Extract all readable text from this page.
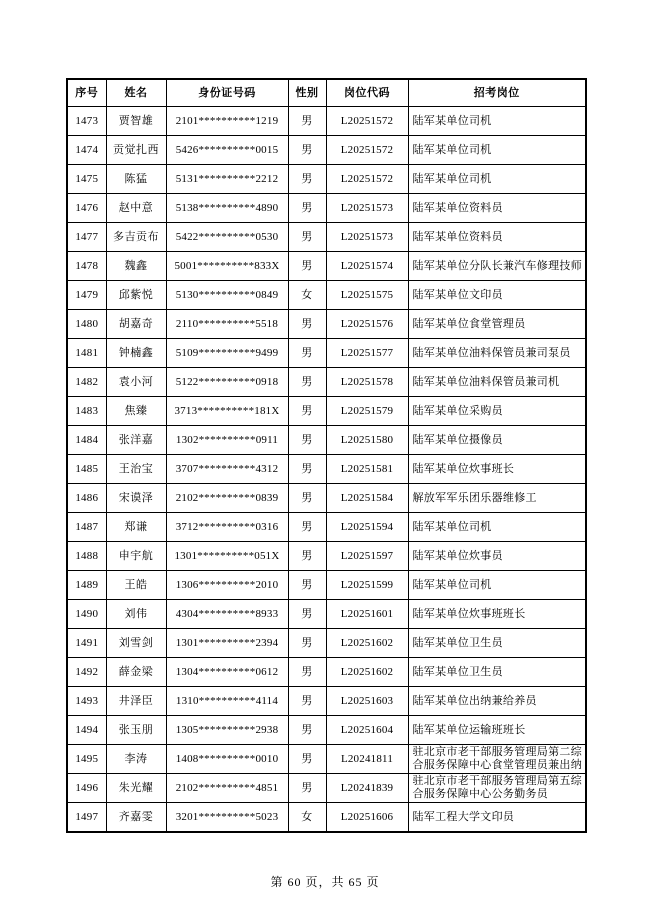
序号	姓名	身份证号码	性别	岗位代码	招考岗位
1473	贾智雄	2101**********1219	男	L20251572	陆军某单位司机
1474	贡觉扎西	5426**********0015	男	L20251572	陆军某单位司机
1475	陈猛	5131**********2212	男	L20251572	陆军某单位司机
1476	赵中意	5138**********4890	男	L20251573	陆军某单位资料员
1477	多吉贡布	5422**********0530	男	L20251573	陆军某单位资料员
1478	魏鑫	5001**********833X	男	L20251574	陆军某单位分队长兼汽车修理技师
1479	邱紫悦	5130**********0849	女	L20251575	陆军某单位文印员
1480	胡嘉奇	2110**********5518	男	L20251576	陆军某单位食堂管理员
1481	钟楠鑫	5109**********9499	男	L20251577	陆军某单位油料保管员兼司泵员
1482	袁小河	5122**********0918	男	L20251578	陆军某单位油料保管员兼司机
1483	焦臻	3713**********181X	男	L20251579	陆军某单位采购员
1484	张洋嘉	1302**********0911	男	L20251580	陆军某单位摄像员
1485	王治宝	3707**********4312	男	L20251581	陆军某单位炊事班长
1486	宋谟泽	2102**********0839	男	L20251584	解放军军乐团乐器维修工
1487	郑谦	3712**********0316	男	L20251594	陆军某单位司机
1488	申宇航	1301**********051X	男	L20251597	陆军某单位炊事员
1489	王皓	1306**********2010	男	L20251599	陆军某单位司机
1490	刘伟	4304**********8933	男	L20251601	陆军某单位炊事班班长
1491	刘雪剑	1301**********2394	男	L20251602	陆军某单位卫生员
1492	薛金梁	1304**********0612	男	L20251602	陆军某单位卫生员
1493	井泽臣	1310**********4114	男	L20251603	陆军某单位出纳兼给养员
1494	张玉朋	1305**********2938	男	L20251604	陆军某单位运输班班长
1495	李涛	1408**********0010	男	L20241811	驻北京市老干部服务管理局第二综合服务保障中心食堂管理员兼出纳
1496	朱光耀	2102**********4851	男	L20241839	驻北京市老干部服务管理局第五综合服务保障中心公务勤务员
1497	齐嘉雯	3201**********5023	女	L20251606	陆军工程大学文印员
第 60 页，共 65 页
